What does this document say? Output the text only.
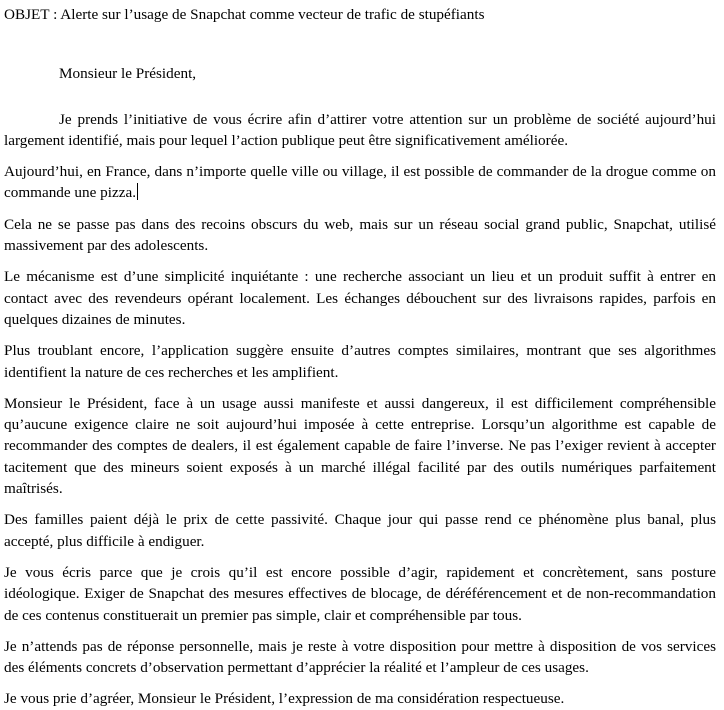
OBJET : Alerte sur l’usage de Snapchat comme vecteur de trafic de stupéfiants

Monsieur le Président,

Je prends l’initiative de vous écrire afin d’attirer votre attention sur un problème de société aujourd’hui largement identifié, mais pour lequel l’action publique peut être significativement améliorée.

Aujourd’hui, en France, dans n’importe quelle ville ou village, il est possible de commander de la drogue comme on commande une pizza.

Cela ne se passe pas dans des recoins obscurs du web, mais sur un réseau social grand public, Snapchat, utilisé massivement par des adolescents.

Le mécanisme est d’une simplicité inquiétante : une recherche associant un lieu et un produit suffit à entrer en contact avec des revendeurs opérant localement. Les échanges débouchent sur des livraisons rapides, parfois en quelques dizaines de minutes.

Plus troublant encore, l’application suggère ensuite d’autres comptes similaires, montrant que ses algorithmes identifient la nature de ces recherches et les amplifient.

Monsieur le Président, face à un usage aussi manifeste et aussi dangereux, il est difficilement compréhensible qu’aucune exigence claire ne soit aujourd’hui imposée à cette entreprise. Lorsqu’un algorithme est capable de recommander des comptes de dealers, il est également capable de faire l’inverse. Ne pas l’exiger revient à accepter tacitement que des mineurs soient exposés à un marché illégal facilité par des outils numériques parfaitement maîtrisés.

Des familles paient déjà le prix de cette passivité. Chaque jour qui passe rend ce phénomène plus banal, plus accepté, plus difficile à endiguer.

Je vous écris parce que je crois qu’il est encore possible d’agir, rapidement et concrètement, sans posture idéologique. Exiger de Snapchat des mesures effectives de blocage, de déréférencement et de non-recommandation de ces contenus constituerait un premier pas simple, clair et compréhensible par tous.

Je n’attends pas de réponse personnelle, mais je reste à votre disposition pour mettre à disposition de vos services des éléments concrets d’observation permettant d’apprécier la réalité et l’ampleur de ces usages.

Je vous prie d’agréer, Monsieur le Président, l’expression de ma considération respectueuse.
